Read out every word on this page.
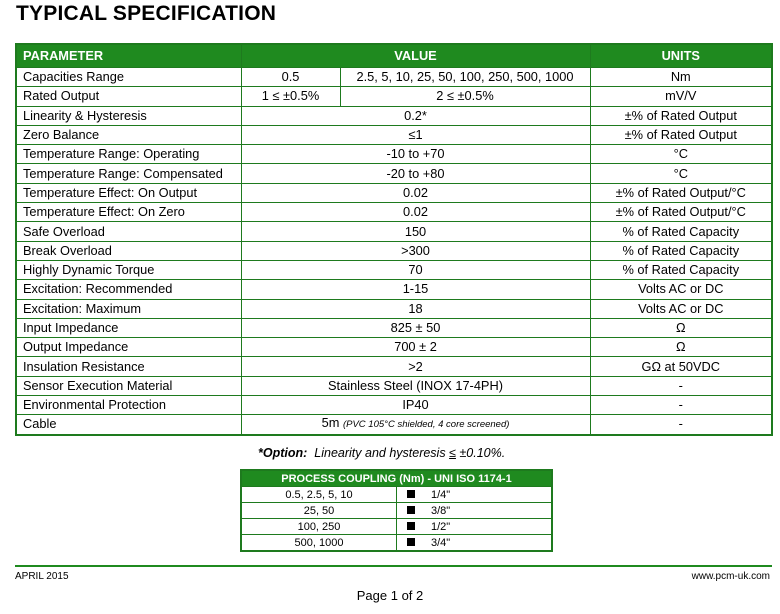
TYPICAL SPECIFICATION
PARAMETER	VALUE		UNITS
Capacities Range	0.5	2.5, 5, 10, 25, 50, 100, 250, 500, 1000	Nm
Rated Output	1 ≤ ±0.5%	2 ≤ ±0.5%	mV/V
Linearity & Hysteresis	0.2*		±% of Rated Output
Zero Balance	≤1		±% of Rated Output
Temperature Range: Operating	-10 to +70		°C
Temperature Range: Compensated	-20 to +80		°C
Temperature Effect: On Output	0.02		±% of Rated Output/°C
Temperature Effect: On Zero	0.02		±% of Rated Output/°C
Safe Overload	150		% of Rated Capacity
Break Overload	>300		% of Rated Capacity
Highly Dynamic Torque	70		% of Rated Capacity
Excitation: Recommended	1-15		Volts AC or DC
Excitation: Maximum	18		Volts AC or DC
Input Impedance	825 ± 50		Ω
Output Impedance	700 ± 2		Ω
Insulation Resistance	>2		GΩ at 50VDC
Sensor Execution Material	Stainless Steel (INOX 17-4PH)		-
Environmental Protection	IP40		-
Cable	5m (PVC 105°C shielded, 4 core screened)		-
*Option: Linearity and hysteresis ≤ ±0.10%.
PROCESS COUPLING (Nm) - UNI ISO 1174-1	
0.5, 2.5, 5, 10	1/4"
25, 50	3/8"
100, 250	1/2"
500, 1000	3/4"
APRIL 2015	www.pcm-uk.com
Page 1 of 2
